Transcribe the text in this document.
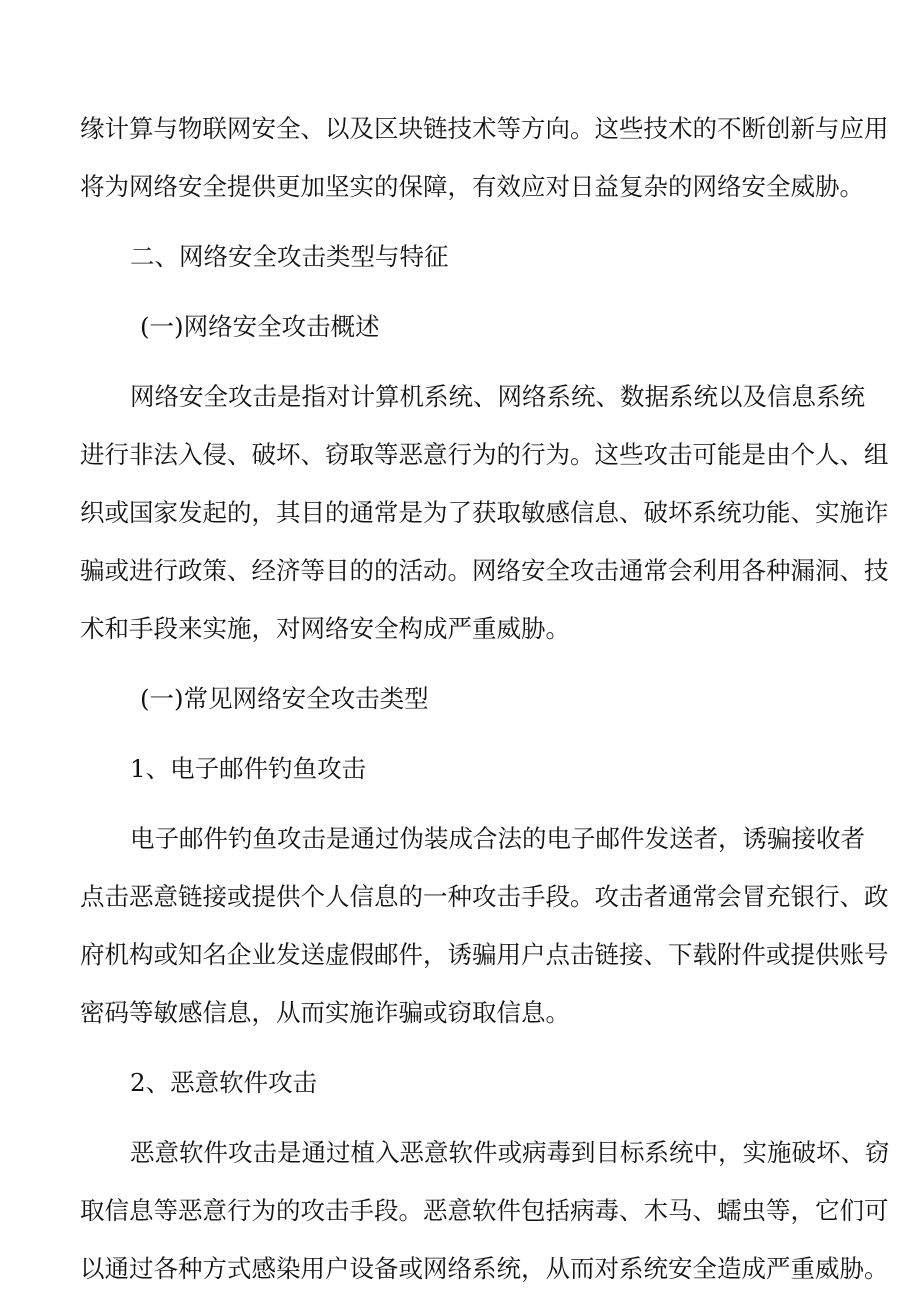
缘计算与物联网安全、以及区块链技术等方向。这些技术的不断创新与应用
将为网络安全提供更加坚实的保障，有效应对日益复杂的网络安全威胁。
二、网络安全攻击类型与特征
(一)网络安全攻击概述
网络安全攻击是指对计算机系统、网络系统、数据系统以及信息系统
进行非法入侵、破坏、窃取等恶意行为的行为。这些攻击可能是由个人、组
织或国家发起的，其目的通常是为了获取敏感信息、破坏系统功能、实施诈
骗或进行政策、经济等目的的活动。网络安全攻击通常会利用各种漏洞、技
术和手段来实施，对网络安全构成严重威胁。
(一)常见网络安全攻击类型
1、电子邮件钓鱼攻击
电子邮件钓鱼攻击是通过伪装成合法的电子邮件发送者，诱骗接收者
点击恶意链接或提供个人信息的一种攻击手段。攻击者通常会冒充银行、政
府机构或知名企业发送虚假邮件，诱骗用户点击链接、下载附件或提供账号
密码等敏感信息，从而实施诈骗或窃取信息。
2、恶意软件攻击
恶意软件攻击是通过植入恶意软件或病毒到目标系统中，实施破坏、窃
取信息等恶意行为的攻击手段。恶意软件包括病毒、木马、蠕虫等，它们可
以通过各种方式感染用户设备或网络系统，从而对系统安全造成严重威胁。
